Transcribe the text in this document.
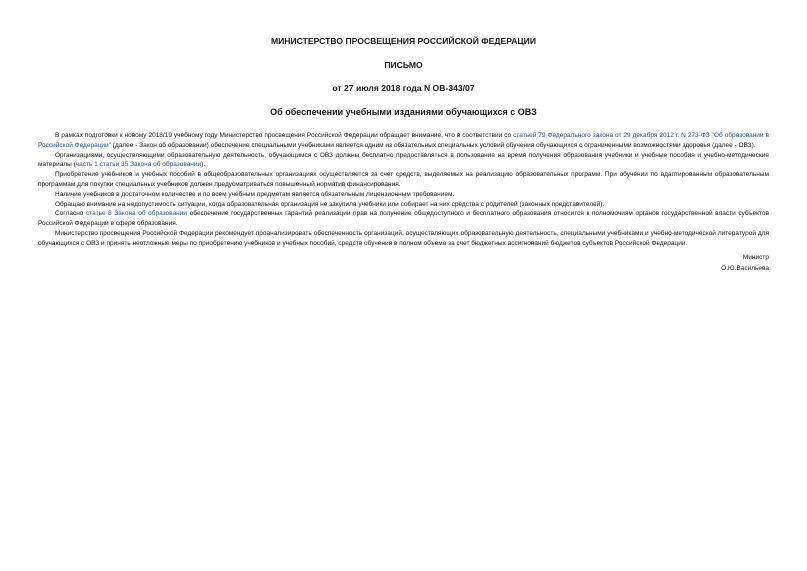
МИНИСТЕРСТВО ПРОСВЕЩЕНИЯ РОССИЙСКОЙ ФЕДЕРАЦИИ
ПИСЬМО
от 27 июля 2018 года N ОВ-343/07
Об обеспечении учебными изданиями обучающихся с ОВЗ

В рамках подготовки к новому 2018/19 учебному году Министерство просвещения Российской Федерации обращает внимание, что в соответствии со статьей 79 Федерального закона от 29 декабря 2012 г. N 273-ФЗ "Об образовании в Российской Федерации" (далее - Закон об образовании) обеспечение специальными учебниками является одним из обязательных специальных условий обучения обучающихся с ограниченными возможностями здоровья (далее - ОВЗ).

Организациями, осуществляющими образовательную деятельность, обучающимся с ОВЗ должны бесплатно предоставляться в пользование на время получения образования учебники и учебные пособия и учебно-методические материалы (часть 1 статьи 35 Закона об образовании).

Приобретение учебников и учебных пособий в общеобразовательных организациях осуществляется за счет средств, выделяемых на реализацию образовательных программ. При обучении по адаптированным образовательным программам для покупки специальных учебников должен предусматриваться повышенный норматив финансирования.

Наличие учебников в достаточном количестве и по всем учебным предметам является обязательным лицензионным требованием.

Обращаю внимание на недопустимость ситуации, когда образовательная организация не закупила учебники или собирает на них средства с родителей (законных представителей).

Согласно статье 8 Закона об образовании обеспечение государственных гарантий реализации прав на получение общедоступного и бесплатного образования относится к полномочиям органов государственной власти субъектов Российской Федерации в сфере образования.

Министерство просвещения Российской Федерации рекомендует проанализировать обеспеченность организаций, осуществляющих образовательную деятельность, специальными учебниками и учебно-методической литературой для обучающихся с ОВЗ и принять неотложные меры по приобретению учебников и учебных пособий, средств обучения в полном объеме за счет бюджетных ассигнований бюджетов субъектов Российской Федерации.

Министр
О.Ю.Васильева
